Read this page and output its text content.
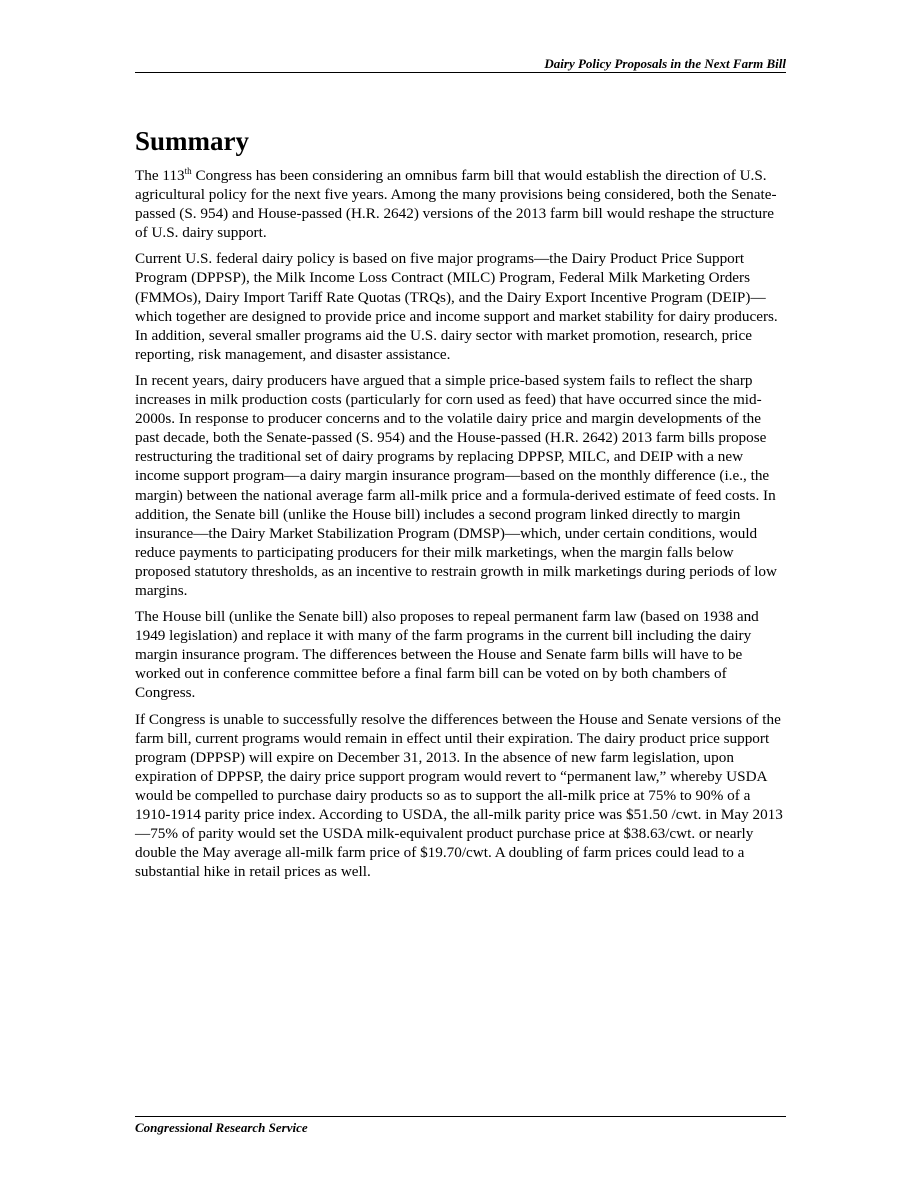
Dairy Policy Proposals in the Next Farm Bill
Summary

The 113th Congress has been considering an omnibus farm bill that would establish the direction of U.S. agricultural policy for the next five years. Among the many provisions being considered, both the Senate-passed (S. 954) and House-passed (H.R. 2642) versions of the 2013 farm bill would reshape the structure of U.S. dairy support.

Current U.S. federal dairy policy is based on five major programs—the Dairy Product Price Support Program (DPPSP), the Milk Income Loss Contract (MILC) Program, Federal Milk Marketing Orders (FMMOs), Dairy Import Tariff Rate Quotas (TRQs), and the Dairy Export Incentive Program (DEIP)—which together are designed to provide price and income support and market stability for dairy producers. In addition, several smaller programs aid the U.S. dairy sector with market promotion, research, price reporting, risk management, and disaster assistance.

In recent years, dairy producers have argued that a simple price-based system fails to reflect the sharp increases in milk production costs (particularly for corn used as feed) that have occurred since the mid-2000s. In response to producer concerns and to the volatile dairy price and margin developments of the past decade, both the Senate-passed (S. 954) and the House-passed (H.R. 2642) 2013 farm bills propose restructuring the traditional set of dairy programs by replacing DPPSP, MILC, and DEIP with a new income support program—a dairy margin insurance program—based on the monthly difference (i.e., the margin) between the national average farm all-milk price and a formula-derived estimate of feed costs. In addition, the Senate bill (unlike the House bill) includes a second program linked directly to margin insurance—the Dairy Market Stabilization Program (DMSP)—which, under certain conditions, would reduce payments to participating producers for their milk marketings, when the margin falls below proposed statutory thresholds, as an incentive to restrain growth in milk marketings during periods of low margins.

The House bill (unlike the Senate bill) also proposes to repeal permanent farm law (based on 1938 and 1949 legislation) and replace it with many of the farm programs in the current bill including the dairy margin insurance program. The differences between the House and Senate farm bills will have to be worked out in conference committee before a final farm bill can be voted on by both chambers of Congress.

If Congress is unable to successfully resolve the differences between the House and Senate versions of the farm bill, current programs would remain in effect until their expiration. The dairy product price support program (DPPSP) will expire on December 31, 2013. In the absence of new farm legislation, upon expiration of DPPSP, the dairy price support program would revert to “permanent law,” whereby USDA would be compelled to purchase dairy products so as to support the all-milk price at 75% to 90% of a 1910-1914 parity price index. According to USDA, the all-milk parity price was $51.50 /cwt. in May 2013—75% of parity would set the USDA milk-equivalent product purchase price at $38.63/cwt. or nearly double the May average all-milk farm price of $19.70/cwt. A doubling of farm prices could lead to a substantial hike in retail prices as well.

Congressional Research Service
